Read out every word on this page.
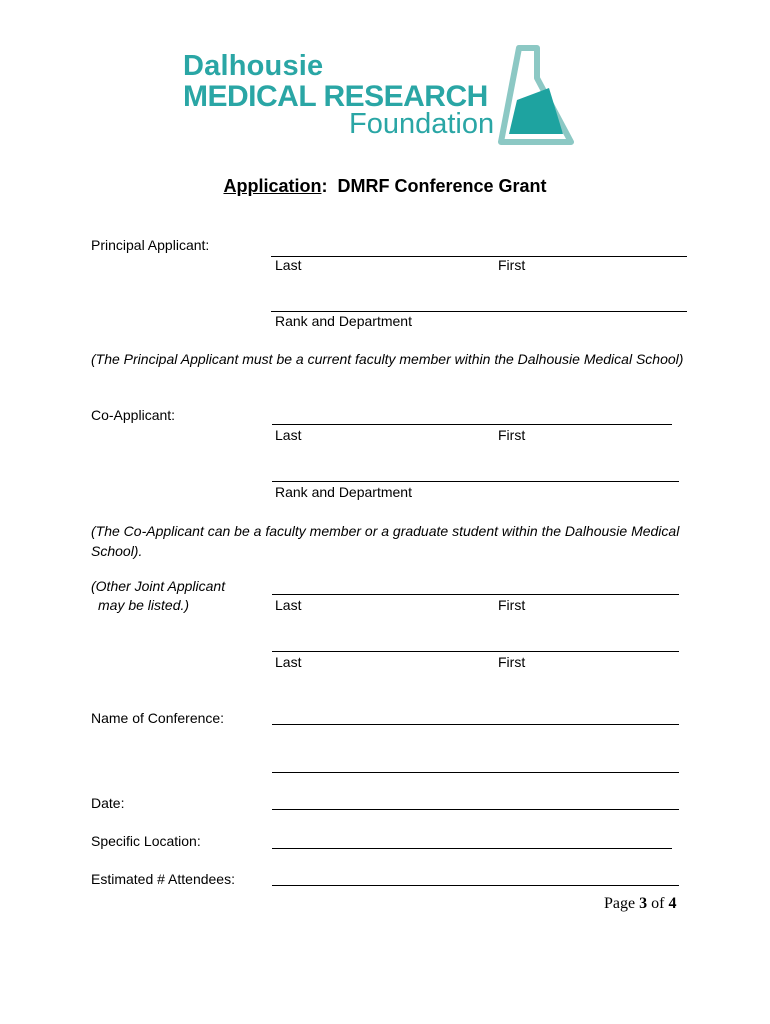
Dalhousie
MEDICAL RESEARCH
Foundation
Application: DMRF Conference Grant
Principal Applicant:
Last	First
Rank and Department
(The Principal Applicant must be a current faculty member within the Dalhousie Medical School)
Co-Applicant:
Last	First
Rank and Department
(The Co-Applicant can be a faculty member or a graduate student within the Dalhousie Medical School).
(Other Joint Applicant
may be listed.)	Last	First
Last	First
Name of Conference:
Date:
Specific Location:
Estimated # Attendees:
Page 3 of 4
